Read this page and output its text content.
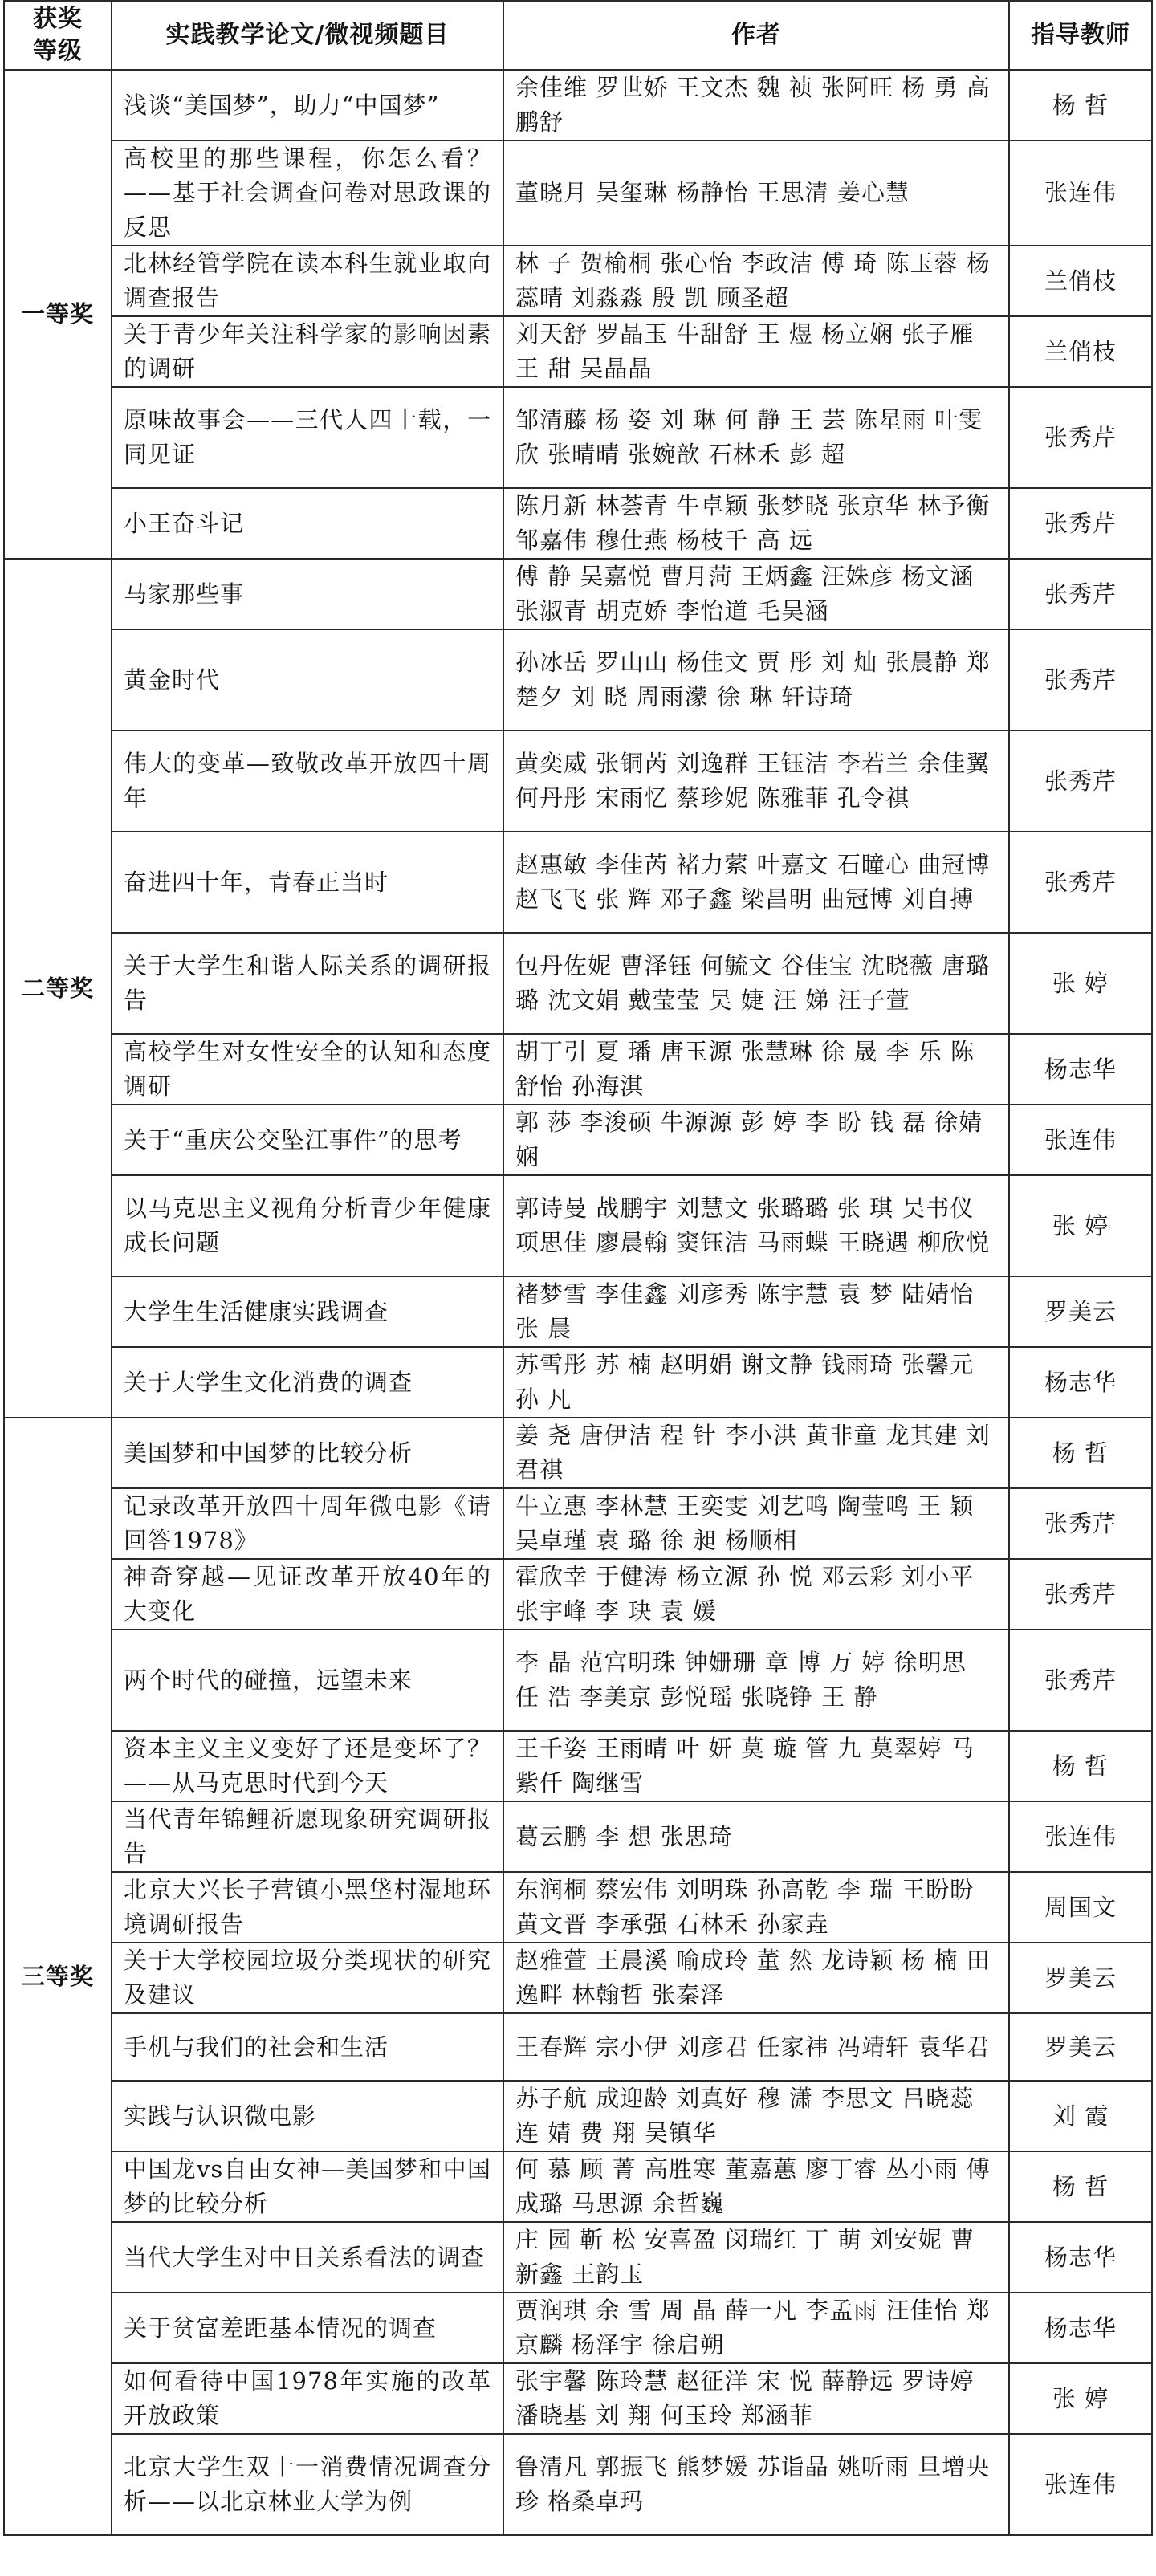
获奖
等级	实践教学论文/微视频题目	作者	指导教师
一等奖	浅谈“美国梦”，助力“中国梦”	余佳维 罗世娇 王文杰 魏 祯 张阿旺 杨 勇 高鹏舒	杨 哲
	高校里的那些课程，你怎么看？——基于社会调查问卷对思政课的反思	董晓月 吴玺琳 杨静怡 王思清 姜心慧	张连伟
	北林经管学院在读本科生就业取向调查报告	林 子 贺榆桐 张心怡 李政洁 傅 琦 陈玉蓉 杨蕊晴 刘淼淼 殷 凯 顾圣超	兰俏枝
	关于青少年关注科学家的影响因素的调研	刘天舒 罗晶玉 牛甜舒 王 煜 杨立娴 张子雁 王 甜 吴晶晶	兰俏枝
	原味故事会——三代人四十载，一同见证	邹清藤 杨 姿 刘 琳 何 静 王 芸 陈星雨 叶雯欣 张晴晴 张婉歆 石林禾 彭 超	张秀芹
	小王奋斗记	陈月新 林荟青 牛卓颖 张梦晓 张京华 林予衡 邹嘉伟 穆仕燕 杨枝千 高 远	张秀芹
二等奖	马家那些事	傅 静 吴嘉悦 曹月菏 王炳鑫 汪姝彦 杨文涵 张淑青 胡克娇 李怡道 毛昊涵	张秀芹
	黄金时代	孙冰岳 罗山山 杨佳文 贾 彤 刘 灿 张晨静 郑楚夕 刘 晓 周雨濛 徐 琳 轩诗琦	张秀芹
	伟大的变革—致敬改革开放四十周年	黄奕威 张铜芮 刘逸群 王钰洁 李若兰 余佳翼 何丹彤 宋雨忆 蔡珍妮 陈雅菲 孔令祺	张秀芹
	奋进四十年，青春正当时	赵惠敏 李佳芮 褚力萦 叶嘉文 石瞳心 曲冠博 赵飞飞 张 辉 邓子鑫 梁昌明 曲冠博 刘自搏	张秀芹
	关于大学生和谐人际关系的调研报告	包丹佐妮 曹泽钰 何毓文 谷佳宝 沈晓薇 唐璐璐 沈文娟 戴莹莹 吴 婕 汪 娣 汪子萱	张 婷
	高校学生对女性安全的认知和态度调研	胡丁引 夏 璠 唐玉源 张慧琳 徐 晟 李 乐 陈舒怡 孙海淇	杨志华
	关于“重庆公交坠江事件”的思考	郭 莎 李浚硕 牛源源 彭 婷 李 盼 钱 磊 徐婧娴	张连伟
	以马克思主义视角分析青少年健康成长问题	郭诗曼 战鹏宇 刘慧文 张璐璐 张 琪 吴书仪 项思佳 廖晨翰 窦钰洁 马雨蝶 王晓遇 柳欣悦	张 婷
	大学生生活健康实践调查	褚梦雪 李佳鑫 刘彦秀 陈宇慧 袁 梦 陆婧怡 张 晨	罗美云
	关于大学生文化消费的调查	苏雪彤 苏 楠 赵明娟 谢文静 钱雨琦 张馨元 孙 凡	杨志华
三等奖	美国梦和中国梦的比较分析	姜 尧 唐伊洁 程 针 李小洪 黄非童 龙其建 刘君祺	杨 哲
	记录改革开放四十周年微电影《请回答1978》	牛立惠 李林慧 王奕雯 刘艺鸣 陶莹鸣 王 颖 吴卓瑾 袁 璐 徐 昶 杨顺相	张秀芹
	神奇穿越—见证改革开放40年的大变化	霍欣幸 于健涛 杨立源 孙 悦 邓云彩 刘小平 张宇峰 李 玦 袁 媛	张秀芹
	两个时代的碰撞，远望未来	李 晶 范宫明珠 钟姗珊 章 博 万 婷 徐明思 任 浩 李美京 彭悦瑶 张晓铮 王 静	张秀芹
	资本主义主义变好了还是变坏了？——从马克思时代到今天	王千姿 王雨晴 叶 妍 莫 璇 管 九 莫翠婷 马紫仟 陶继雪	杨 哲
	当代青年锦鲤祈愿现象研究调研报告	葛云鹏 李 想 张思琦	张连伟
	北京大兴长子营镇小黑垡村湿地环境调研报告	东润桐 蔡宏伟 刘明珠 孙高乾 李 瑞 王盼盼 黄文晋 李承强 石林禾 孙家垚	周国文
	关于大学校园垃圾分类现状的研究及建议	赵雅萱 王晨溪 喻成玲 董 然 龙诗颖 杨 楠 田逸畔 林翰哲 张秦泽	罗美云
	手机与我们的社会和生活	王春辉 宗小伊 刘彦君 任家祎 冯靖轩 袁华君	罗美云
	实践与认识微电影	苏子航 成迎龄 刘真好 穆 潇 李思文 吕晓蕊 连 婧 费 翔 吴镇华	刘 霞
	中国龙vs自由女神—美国梦和中国梦的比较分析	何 慕 顾 菁 高胜寒 董嘉蕙 廖丁睿 丛小雨 傅成璐 马思源 余哲巍	杨 哲
	当代大学生对中日关系看法的调查	庄 园 靳 松 安喜盈 闵瑞红 丁 萌 刘安妮 曹新鑫 王韵玉	杨志华
	关于贫富差距基本情况的调查	贾润琪 余 雪 周 晶 薛一凡 李孟雨 汪佳怡 郑京麟 杨泽宇 徐启朔	杨志华
	如何看待中国1978年实施的改革开放政策	张宇馨 陈玲慧 赵征洋 宋 悦 薛静远 罗诗婷 潘晓基 刘 翔 何玉玲 郑涵菲	张 婷
	北京大学生双十一消费情况调查分析——以北京林业大学为例	鲁清凡 郭振飞 熊梦媛 苏诣晶 姚昕雨 旦增央珍 格桑卓玛	张连伟
